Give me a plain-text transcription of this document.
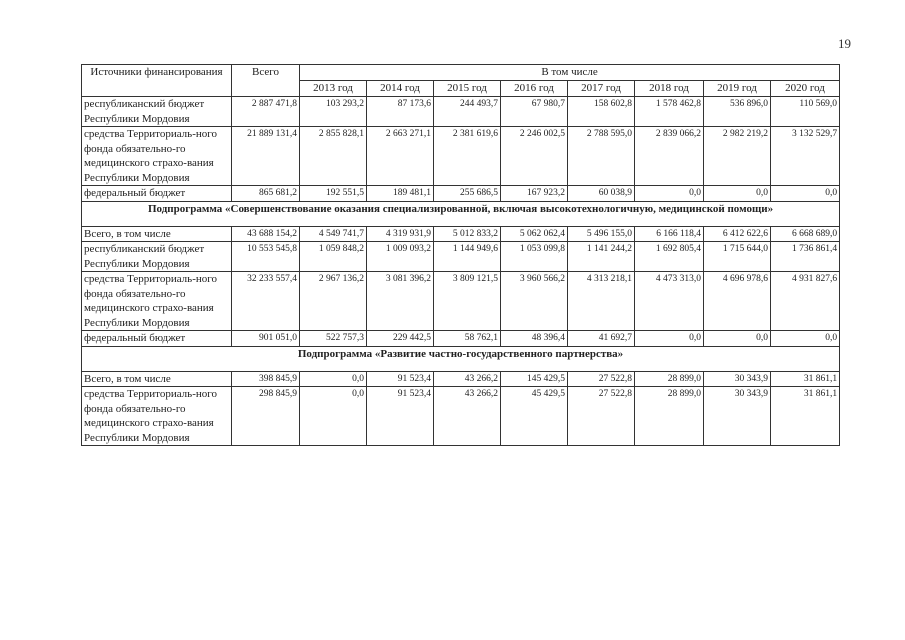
19
Источники финансирования	Всего	В том числе							
		2013 год	2014 год	2015 год	2016 год	2017 год	2018 год	2019 год	2020 год
республиканский бюджет Республики Мордовия	2 887 471,8	103 293,2	87 173,6	244 493,7	67 980,7	158 602,8	1 578 462,8	536 896,0	110 569,0
средства Территориаль-ного фонда обязательно-го медицинского страхо-вания Республики Мордовия	21 889 131,4	2 855 828,1	2 663 271,1	2 381 619,6	2 246 002,5	2 788 595,0	2 839 066,2	2 982 219,2	3 132 529,7
федеральный бюджет	865 681,2	192 551,5	189 481,1	255 686,5	167 923,2	60 038,9	0,0	0,0	0,0
Подпрограмма «Совершенствование оказания специализированной, включая высокотехнологичную, медицинской помощи»									
Всего, в том числе	43 688 154,2	4 549 741,7	4 319 931,9	5 012 833,2	5 062 062,4	5 496 155,0	6 166 118,4	6 412 622,6	6 668 689,0
республиканский бюджет Республики Мордовия	10 553 545,8	1 059 848,2	1 009 093,2	1 144 949,6	1 053 099,8	1 141 244,2	1 692 805,4	1 715 644,0	1 736 861,4
средства Территориаль-ного фонда обязательно-го медицинского страхо-вания Республики Мордовия	32 233 557,4	2 967 136,2	3 081 396,2	3 809 121,5	3 960 566,2	4 313 218,1	4 473 313,0	4 696 978,6	4 931 827,6
федеральный бюджет	901 051,0	522 757,3	229 442,5	58 762,1	48 396,4	41 692,7	0,0	0,0	0,0
Подпрограмма «Развитие частно-государственного партнерства»									
Всего, в том числе	398 845,9	0,0	91 523,4	43 266,2	145 429,5	27 522,8	28 899,0	30 343,9	31 861,1
средства Территориаль-ного фонда обязательно-го медицинского страхо-вания Республики Мордовия	298 845,9	0,0	91 523,4	43 266,2	45 429,5	27 522,8	28 899,0	30 343,9	31 861,1
